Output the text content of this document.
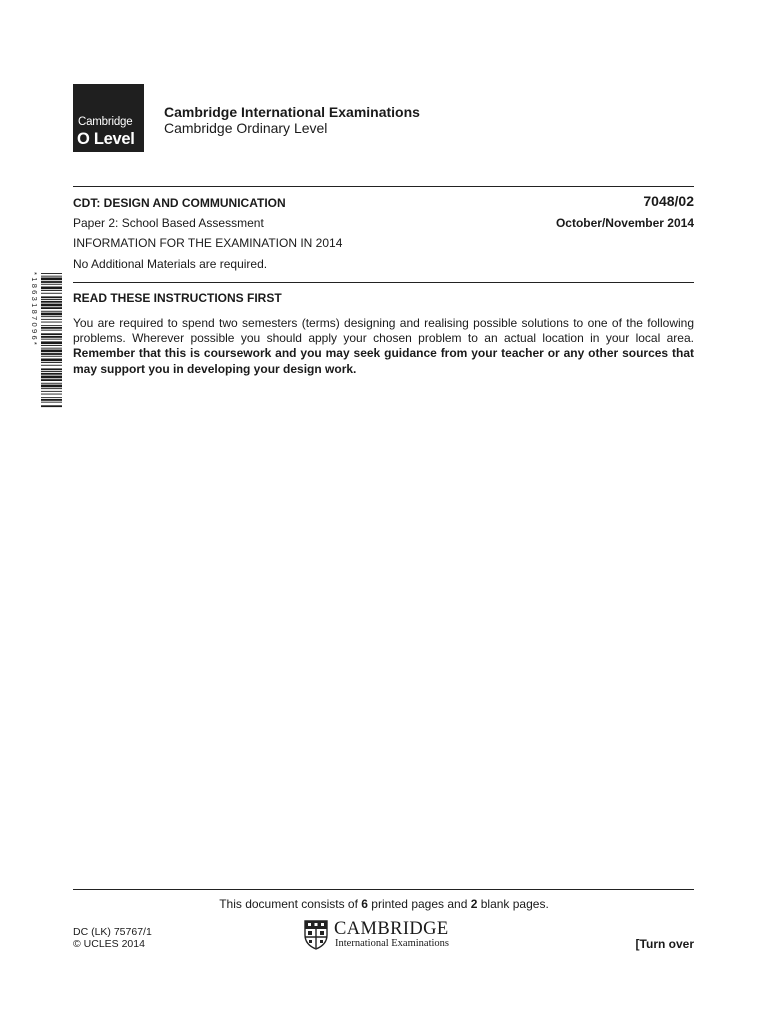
Cambridge
O Level
Cambridge International Examinations
Cambridge Ordinary Level
CDT: DESIGN AND COMMUNICATION	7048/02
Paper 2: School Based Assessment	October/November 2014
INFORMATION FOR THE EXAMINATION IN 2014
No Additional Materials are required.
*1863187096*	READ THESE INSTRUCTIONS FIRST
You are required to spend two semesters (terms) designing and realising possible solutions to one of the following problems. Wherever possible you should apply your chosen problem to an actual location in your local area. Remember that this is coursework and you may seek guidance from your teacher or any other sources that may support you in developing your design work.
This document consists of 6 printed pages and 2 blank pages.
DC (LK) 75767/1
© UCLES 2014
CAMBRIDGE
International Examinations	[Turn over
